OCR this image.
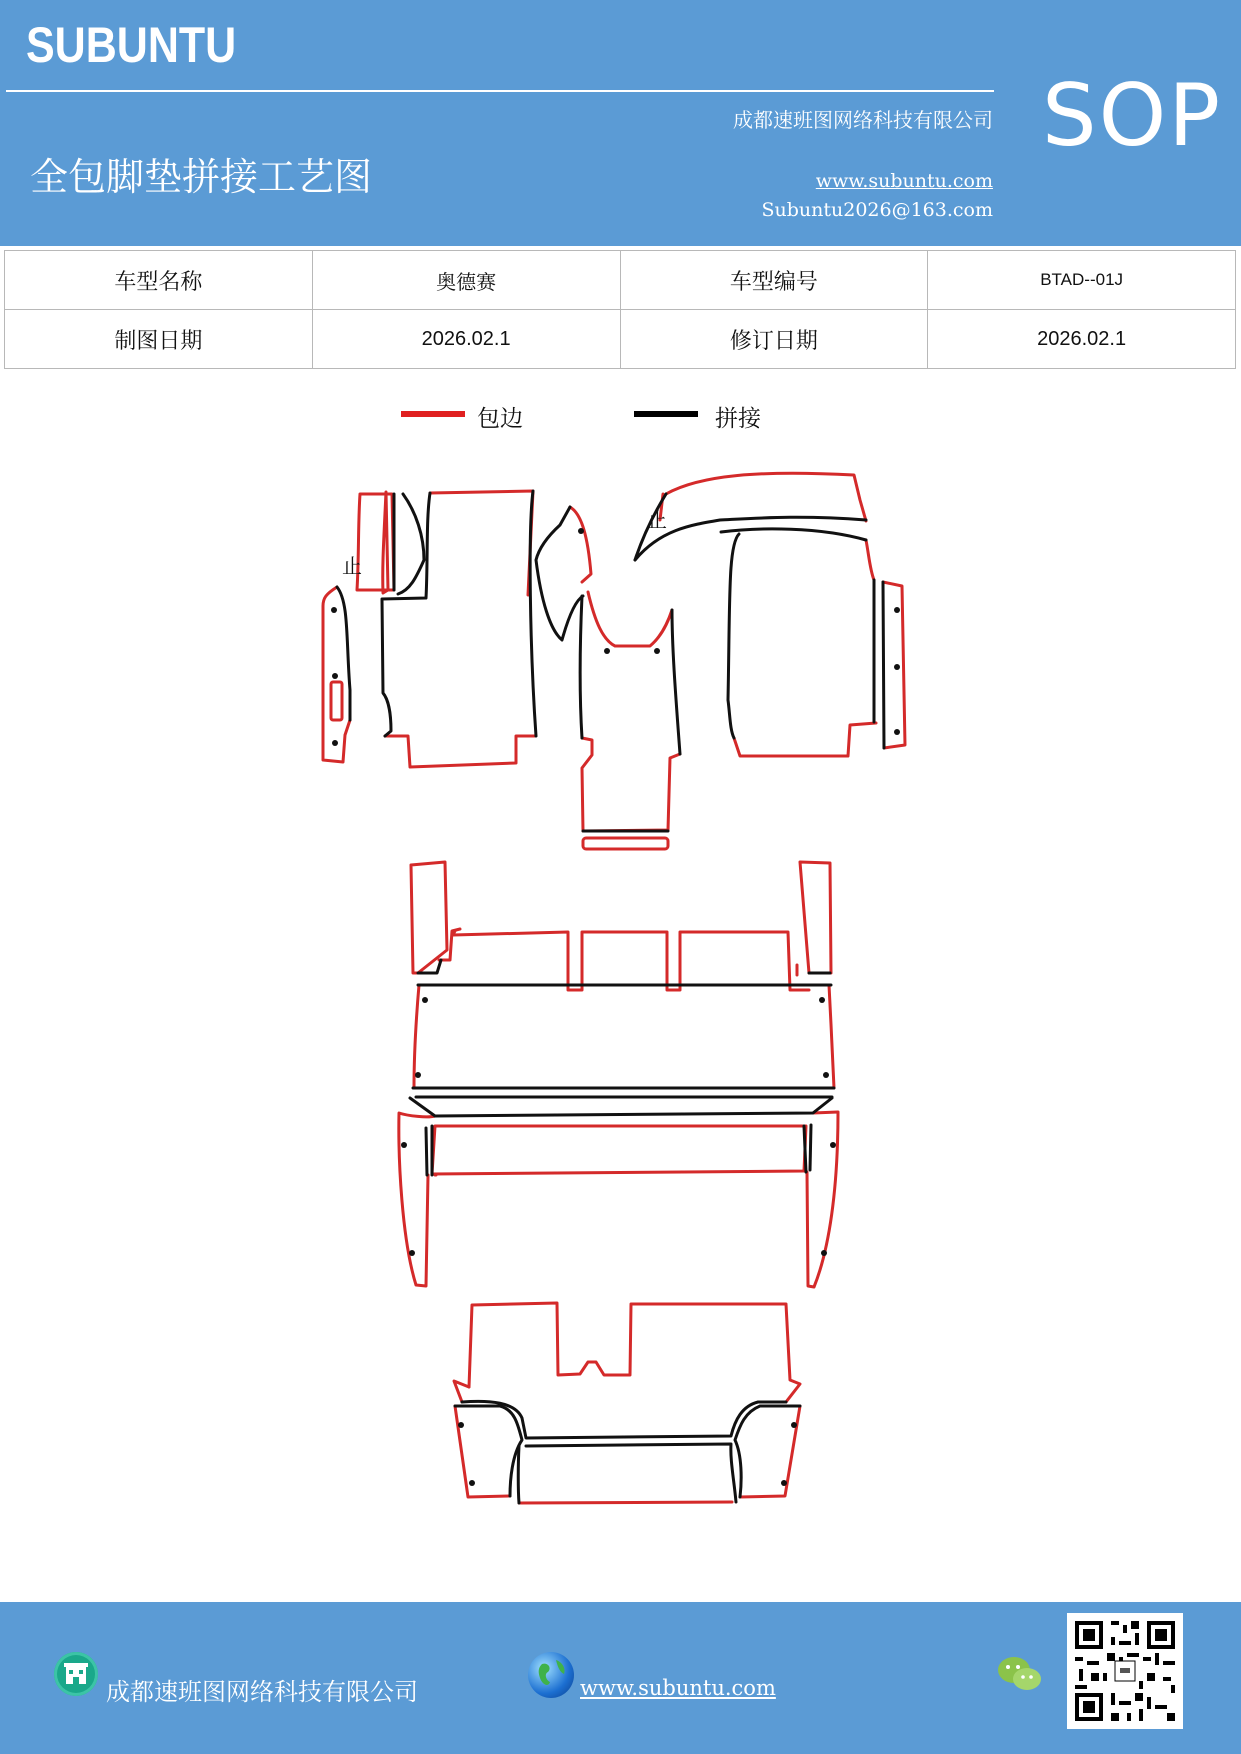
SUBUNTU
成都速班图网络科技有限公司
全包脚垫拼接工艺图	www.subuntu.com
Subuntu2026@163.com
SOP
车型名称	奥德赛	车型编号	BTAD--01J
制图日期	2026.02.1	修订日期	2026.02.1
包边	拼接
止
止
成都速班图网络科技有限公司	www.subuntu.com
